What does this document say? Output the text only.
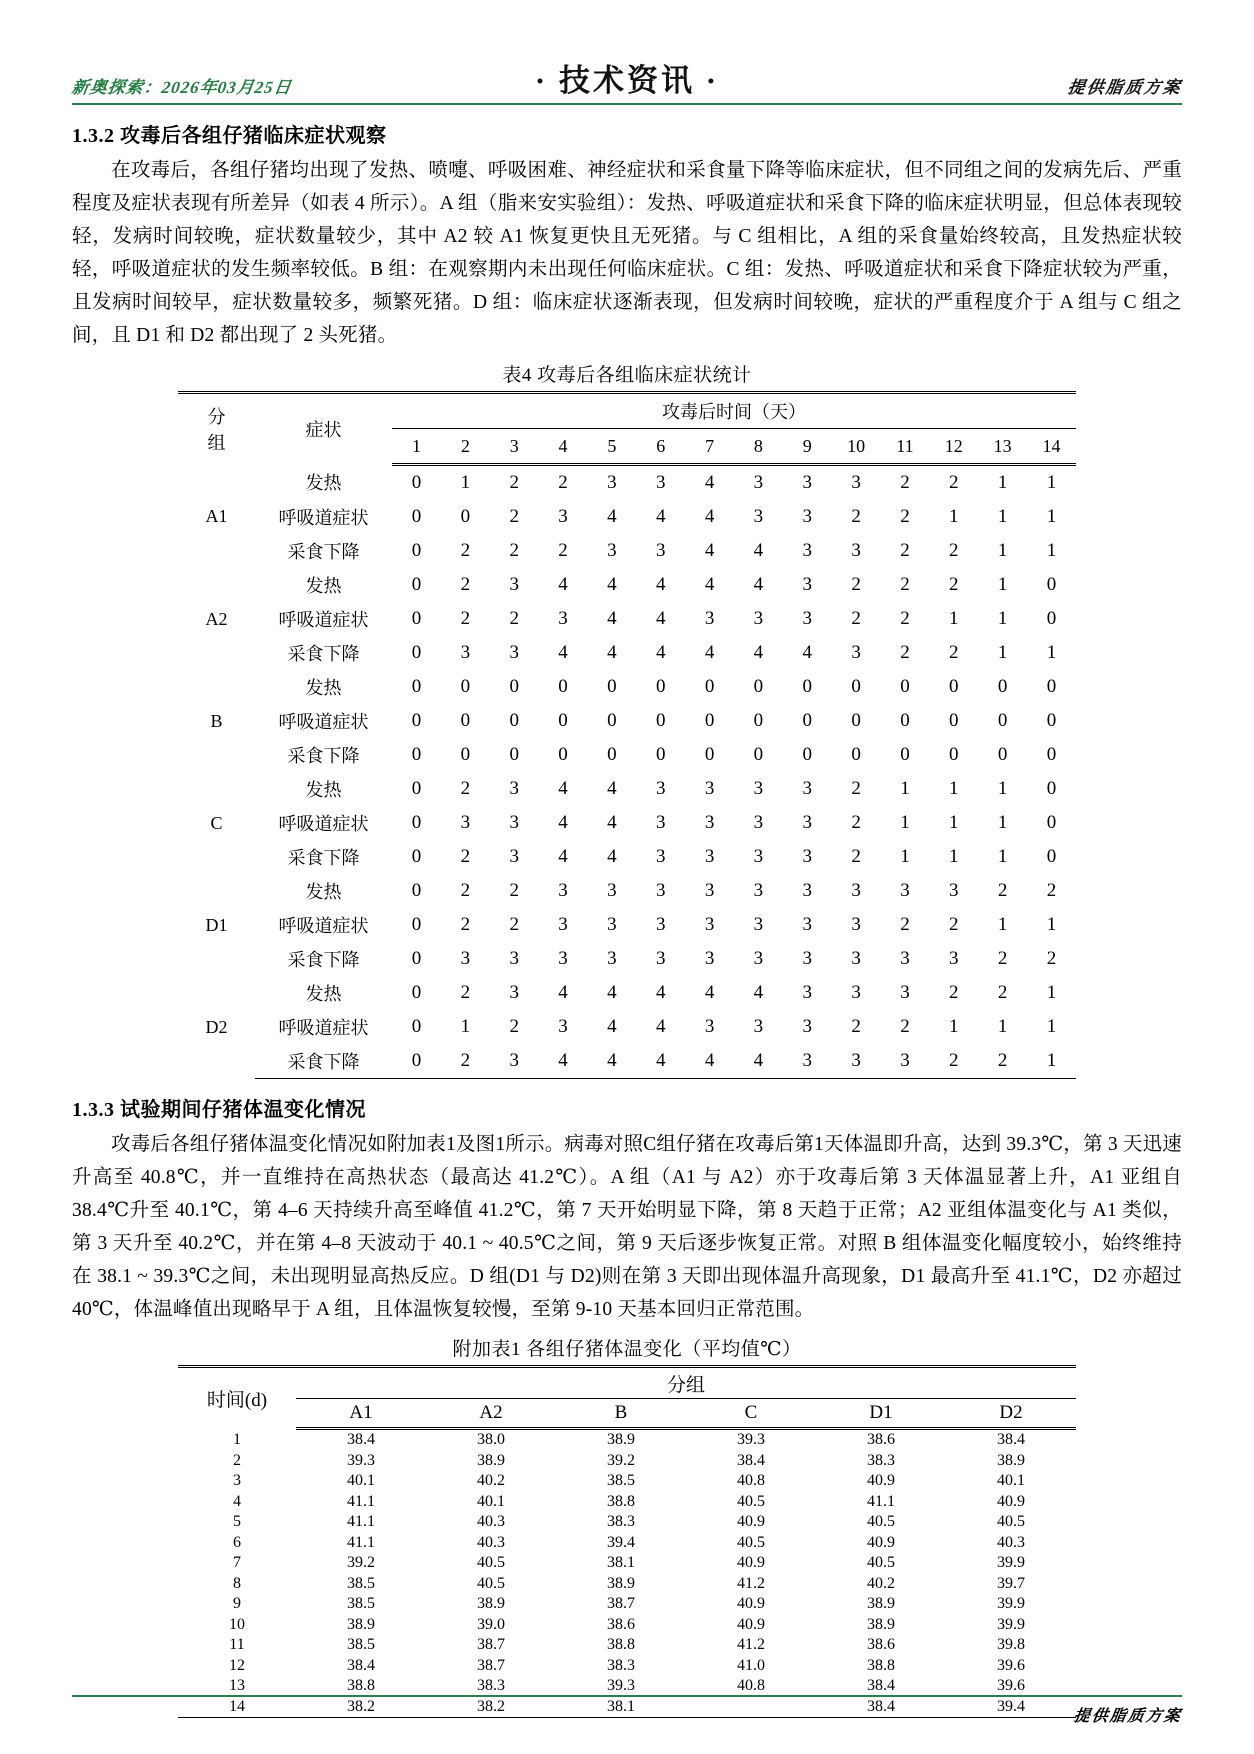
新奥探索：2026年03月25日	· 技术资讯 ·	提供脂质方案
1.3.2 攻毒后各组仔猪临床症状观察

在攻毒后，各组仔猪均出现了发热、喷嚏、呼吸困难、神经症状和采食量下降等临床症状，但不同组之间的发病先后、严重程度及症状表现有所差异（如表 4 所示）。A 组（脂来安实验组）：发热、呼吸道症状和采食下降的临床症状明显，但总体表现较轻，发病时间较晚，症状数量较少，其中 A2 较 A1 恢复更快且无死猪。与 C 组相比，A 组的采食量始终较高，且发热症状较轻，呼吸道症状的发生频率较低。B 组：在观察期内未出现任何临床症状。C 组：发热、呼吸道症状和采食下降症状较为严重，且发病时间较早，症状数量较多，频繁死猪。D 组：临床症状逐渐表现，但发病时间较晚，症状的严重程度介于 A 组与 C 组之间，且 D1 和 D2 都出现了 2 头死猪。

表4 攻毒后各组临床症状统计
分
组	症状	攻毒后时间（天）													
		1	2	3	4	5	6	7	8	9	10	11	12	13	14
A1	发热	0	1	2	2	3	3	4	3	3	3	2	2	1	1
	呼吸道症状	0	0	2	3	4	4	4	3	3	2	2	1	1	1
	采食下降	0	2	2	2	3	3	4	4	3	3	2	2	1	1
A2	发热	0	2	3	4	4	4	4	4	3	2	2	2	1	0
	呼吸道症状	0	2	2	3	4	4	3	3	3	2	2	1	1	0
	采食下降	0	3	3	4	4	4	4	4	4	3	2	2	1	1
B	发热	0	0	0	0	0	0	0	0	0	0	0	0	0	0
	呼吸道症状	0	0	0	0	0	0	0	0	0	0	0	0	0	0
	采食下降	0	0	0	0	0	0	0	0	0	0	0	0	0	0
C	发热	0	2	3	4	4	3	3	3	3	2	1	1	1	0
	呼吸道症状	0	3	3	4	4	3	3	3	3	2	1	1	1	0
	采食下降	0	2	3	4	4	3	3	3	3	2	1	1	1	0
D1	发热	0	2	2	3	3	3	3	3	3	3	3	3	2	2
	呼吸道症状	0	2	2	3	3	3	3	3	3	3	2	2	1	1
	采食下降	0	3	3	3	3	3	3	3	3	3	3	3	2	2
D2	发热	0	2	3	4	4	4	4	4	3	3	3	2	2	1
	呼吸道症状	0	1	2	3	4	4	3	3	3	2	2	1	1	1
	采食下降	0	2	3	4	4	4	4	4	3	3	3	2	2	1
1.3.3 试验期间仔猪体温变化情况

攻毒后各组仔猪体温变化情况如附加表1及图1所示。病毒对照C组仔猪在攻毒后第1天体温即升高，达到 39.3℃，第 3 天迅速升高至 40.8℃，并一直维持在高热状态（最高达 41.2℃）。A 组（A1 与 A2）亦于攻毒后第 3 天体温显著上升，A1 亚组自 38.4℃升至 40.1℃，第 4–6 天持续升高至峰值 41.2℃，第 7 天开始明显下降，第 8 天趋于正常；A2 亚组体温变化与 A1 类似，第 3 天升至 40.2℃，并在第 4–8 天波动于 40.1 ~ 40.5℃之间，第 9 天后逐步恢复正常。对照 B 组体温变化幅度较小，始终维持在 38.1 ~ 39.3℃之间，未出现明显高热反应。D 组(D1 与 D2)则在第 3 天即出现体温升高现象，D1 最高升至 41.1℃，D2 亦超过 40℃，体温峰值出现略早于 A 组，且体温恢复较慢，至第 9-10 天基本回归正常范围。

附加表1 各组仔猪体温变化（平均值℃）
时间(d)	分组					
	A1	A2	B	C	D1	D2
1	38.4	38.0	38.9	39.3	38.6	38.4
2	39.3	38.9	39.2	38.4	38.3	38.9
3	40.1	40.2	38.5	40.8	40.9	40.1
4	41.1	40.1	38.8	40.5	41.1	40.9
5	41.1	40.3	38.3	40.9	40.5	40.5
6	41.1	40.3	39.4	40.5	40.9	40.3
7	39.2	40.5	38.1	40.9	40.5	39.9
8	38.5	40.5	38.9	41.2	40.2	39.7
9	38.5	38.9	38.7	40.9	38.9	39.9
10	38.9	39.0	38.6	40.9	38.9	39.9
11	38.5	38.7	38.8	41.2	38.6	39.8
12	38.4	38.7	38.3	41.0	38.8	39.6
13	38.8	38.3	39.3	40.8	38.4	39.6
14	38.2	38.2	38.1		38.4	39.4
提供脂质方案
